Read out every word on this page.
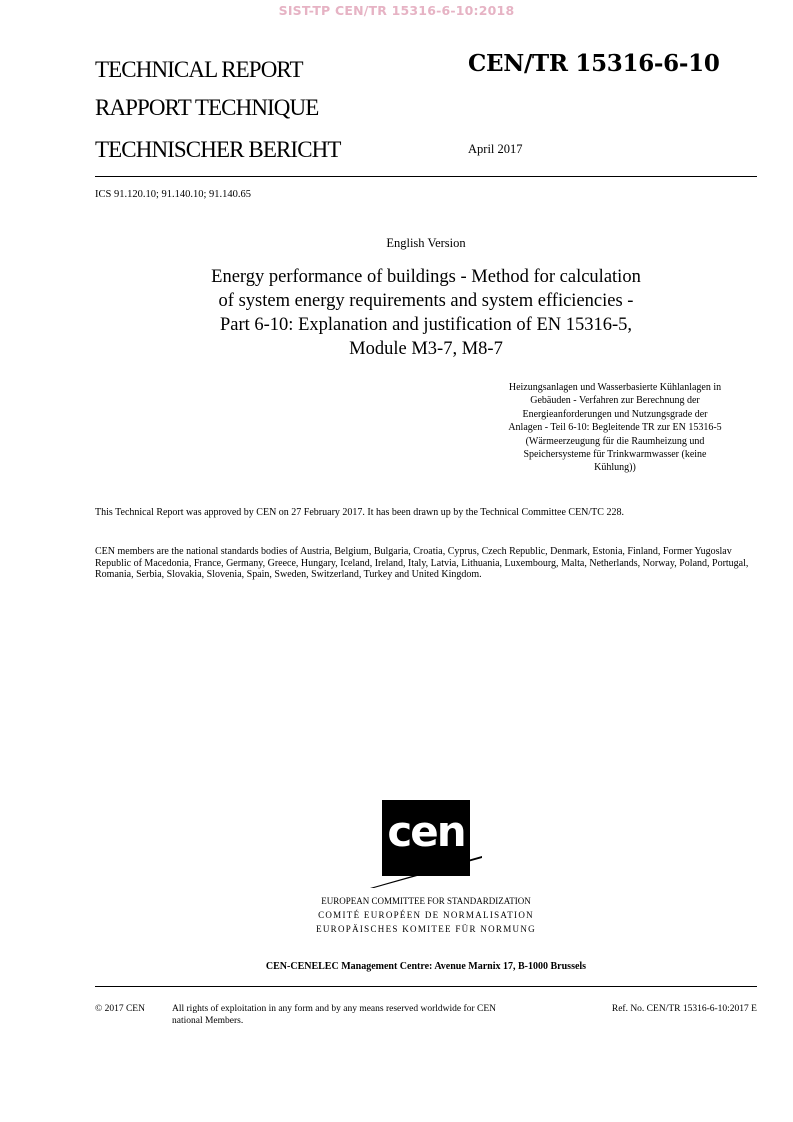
SIST-TP CEN/TR 15316-6-10:2018
TECHNICAL REPORT
RAPPORT TECHNIQUE
TECHNISCHER BERICHT
CEN/TR 15316-6-10
April 2017
ICS 91.120.10; 91.140.10; 91.140.65
English Version
Energy performance of buildings - Method for calculation
of system energy requirements and system efficiencies -
Part 6-10: Explanation and justification of EN 15316-5,
Module M3-7, M8-7
Heizungsanlagen und Wasserbasierte Kühlanlagen in
Gebäuden - Verfahren zur Berechnung der
Energieanforderungen und Nutzungsgrade der
Anlagen - Teil 6-10: Begleitende TR zur EN 15316-5
(Wärmeerzeugung für die Raumheizung und
Speichersysteme für Trinkwarmwasser (keine
Kühlung))
This Technical Report was approved by CEN on 27 February 2017. It has been drawn up by the Technical Committee CEN/TC 228.
CEN members are the national standards bodies of Austria, Belgium, Bulgaria, Croatia, Cyprus, Czech Republic, Denmark, Estonia, Finland, Former Yugoslav Republic of Macedonia, France, Germany, Greece, Hungary, Iceland, Ireland, Italy, Latvia, Lithuania, Luxembourg, Malta, Netherlands, Norway, Poland, Portugal, Romania, Serbia, Slovakia, Slovenia, Spain, Sweden, Switzerland, Turkey and United Kingdom.
cen
EUROPEAN COMMITTEE FOR STANDARDIZATION
COMITÉ EUROPÉEN DE NORMALISATION
EUROPÄISCHES KOMITEE FÜR NORMUNG
CEN-CENELEC Management Centre: Avenue Marnix 17, B-1000 Brussels
© 2017 CEN	All rights of exploitation in any form and by any means reserved worldwide for CEN national Members.
Ref. No. CEN/TR 15316-6-10:2017 E
